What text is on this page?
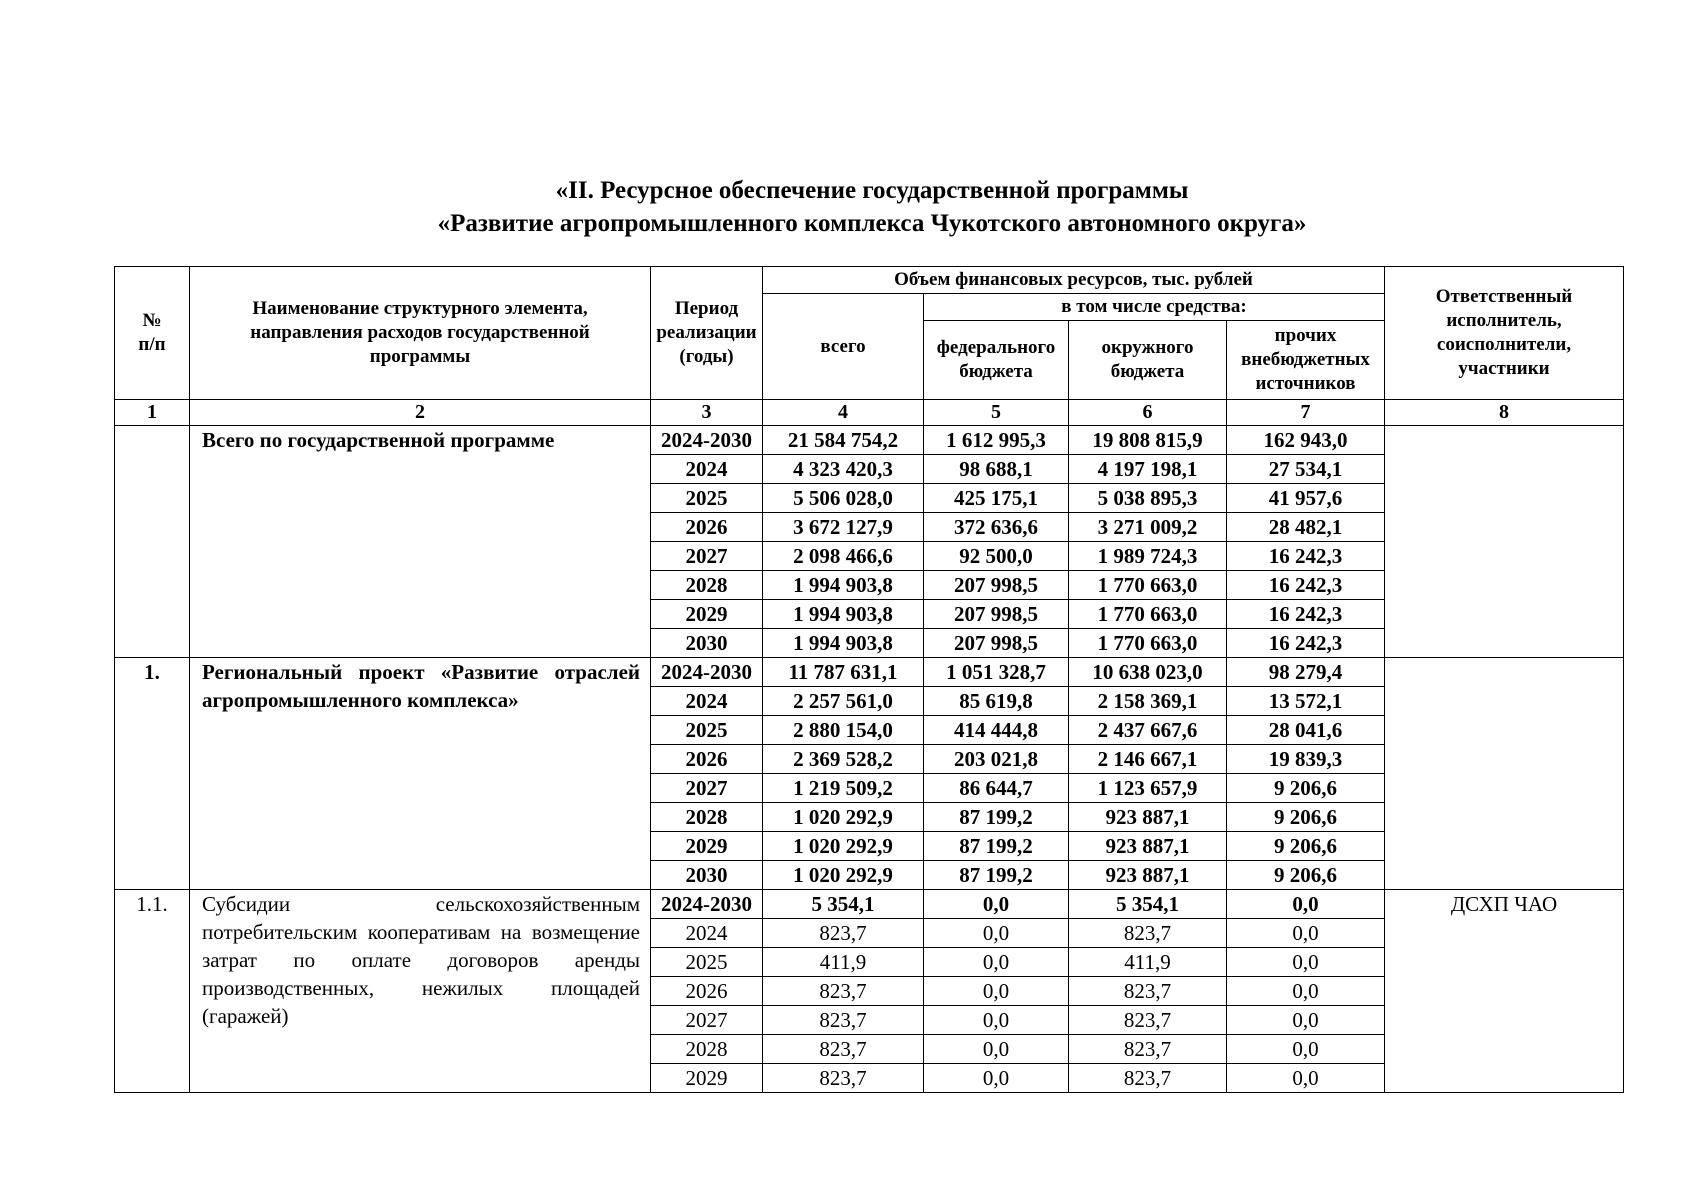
«II. Ресурсное обеспечение государственной программы
«Развитие агропромышленного комплекса Чукотского автономного округа»
№ п/п	Наименование структурного элемента, направления расходов государственной программы	Период реализации (годы)	Объем финансовых ресурсов, тыс. рублей				Ответственный исполнитель, соисполнители, участники
			всего	в том числе средства:			
				федерального бюджета	окружного бюджета	прочих внебюджетных источников	
1	2	3	4	5	6	7	8
	Всего по государственной программе	2024-2030	21 584 754,2	1 612 995,3	19 808 815,9	162 943,0	
		2024	4 323 420,3	98 688,1	4 197 198,1	27 534,1	
		2025	5 506 028,0	425 175,1	5 038 895,3	41 957,6	
		2026	3 672 127,9	372 636,6	3 271 009,2	28 482,1	
		2027	2 098 466,6	92 500,0	1 989 724,3	16 242,3	
		2028	1 994 903,8	207 998,5	1 770 663,0	16 242,3	
		2029	1 994 903,8	207 998,5	1 770 663,0	16 242,3	
		2030	1 994 903,8	207 998,5	1 770 663,0	16 242,3	
1.	Региональный проект «Развитие отраслей агропромышленного комплекса»	2024-2030	11 787 631,1	1 051 328,7	10 638 023,0	98 279,4	
		2024	2 257 561,0	85 619,8	2 158 369,1	13 572,1	
		2025	2 880 154,0	414 444,8	2 437 667,6	28 041,6	
		2026	2 369 528,2	203 021,8	2 146 667,1	19 839,3	
		2027	1 219 509,2	86 644,7	1 123 657,9	9 206,6	
		2028	1 020 292,9	87 199,2	923 887,1	9 206,6	
		2029	1 020 292,9	87 199,2	923 887,1	9 206,6	
		2030	1 020 292,9	87 199,2	923 887,1	9 206,6	
1.1.	Субсидии сельскохозяйственным потребительским кооперативам на возмещение затрат по оплате договоров аренды производственных, нежилых площадей (гаражей)	2024-2030	5 354,1	0,0	5 354,1	0,0	ДСХП ЧАО
		2024	823,7	0,0	823,7	0,0	
		2025	411,9	0,0	411,9	0,0	
		2026	823,7	0,0	823,7	0,0	
		2027	823,7	0,0	823,7	0,0	
		2028	823,7	0,0	823,7	0,0	
		2029	823,7	0,0	823,7	0,0	
